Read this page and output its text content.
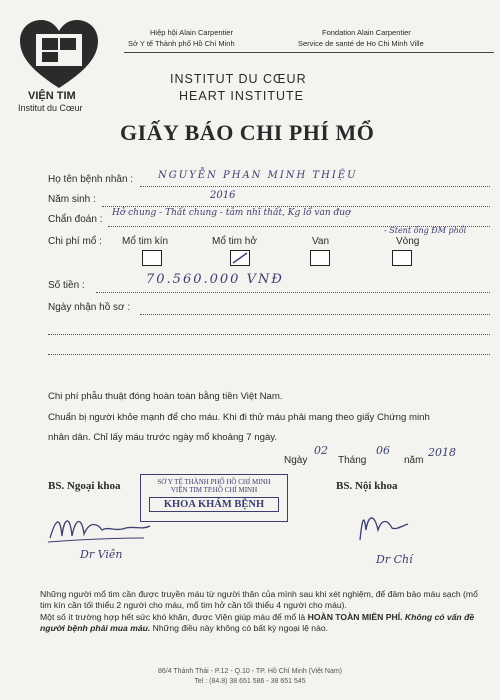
VIỆN TIM
Institut du Cœur
Hiệp hội Alain Carpentier
Sở Y tế Thành phố Hồ Chí Minh
Fondation Alain Carpentier
Service de santé de Ho Chi Minh Ville
INSTITUT DU CŒUR
HEART INSTITUTE
GIẤY BÁO CHI PHÍ MỔ
Họ tên bệnh nhân : NGUYỄN PHAN MINH THIỆU
Năm sinh :	2016
Chẩn đoán :
Hở chung - Thất chung - tâm nhĩ thất, Kg lổ van đuợ
- Stent ống ĐM phổi
Chi phí mổ : Mổ tim kín	Mổ tim hở	Van	Vòng
Số tiền :	70.560.000 VNĐ
Ngày nhận hồ sơ :
Chi phí phẫu thuật đóng hoàn toàn bằng tiền Việt Nam.
Chuẩn bị người khỏe mạnh để cho máu. Khi đi thử máu phải mang theo giấy Chứng minh
nhân dân. Chỉ lấy máu trước ngày mổ khoảng 7 ngày.
Ngày
02
Tháng
06
năm
2018
BS. Ngoại khoa	BS. Nội khoa
SỞ Y TẾ THÀNH PHỐ HỒ CHÍ MINH
VIỆN TIM TP.HỒ CHÍ MINH
KHOA KHÁM BỆNH
Dr Viên	Dr Chí
Những người mổ tim cần được truyền máu từ người thân của mình sau khi xét nghiệm, để đảm bảo máu sạch (mổ tim kín cần tối thiểu 2 người cho máu, mổ tim hở cần tối thiểu 4 người cho máu).
Một số ít trường hợp hết sức khó khăn, được Viện giúp máu để mổ là HOÀN TOÀN MIỄN PHÍ. Không có vấn đề người bệnh phải mua máu. Những điều này không có bất kỳ ngoại lệ nào.
86/4 Thành Thái - P.12 - Q.10 - TP. Hồ Chí Minh (Việt Nam)
Tel : (84.8) 38 651 586 - 38 651 545
